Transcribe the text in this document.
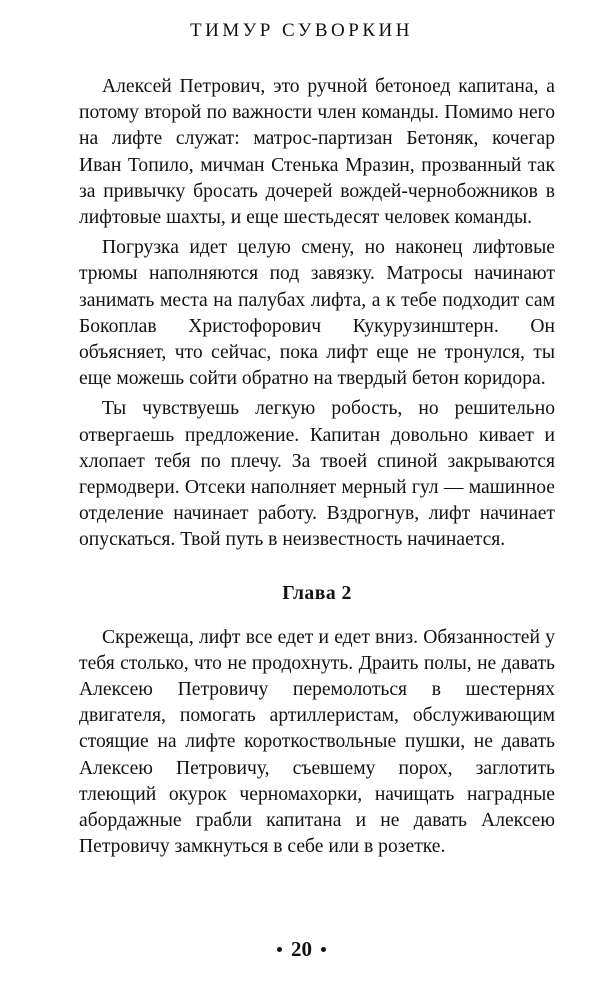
ТИМУР СУВОРКИН

Алексей Петрович, это ручной бетоноед капитана, а потому второй по важности член команды. Помимо него на лифте служат: матрос-партизан Бетоняк, кочегар Иван Топило, мичман Стенька Мразин, прозванный так за привычку бросать дочерей вождей-чернобожников в лифтовые шахты, и еще шестьдесят человек команды.

Погрузка идет целую смену, но наконец лифтовые трюмы наполняются под завязку. Матросы начинают занимать места на палубах лифта, а к тебе подходит сам Бокоплав Христофорович Кукурузинштерн. Он объясняет, что сейчас, пока лифт еще не тронулся, ты еще можешь сойти обратно на твердый бетон коридора.

Ты чувствуешь легкую робость, но решительно отвергаешь предложение. Капитан довольно кивает и хлопает тебя по плечу. За твоей спиной закрываются гермодвери. Отсеки наполняет мерный гул — машинное отделение начинает работу. Вздрогнув, лифт начинает опускаться. Твой путь в неизвестность начинается.

Глава 2

Скрежеща, лифт все едет и едет вниз. Обязанностей у тебя столько, что не продохнуть. Драить полы, не давать Алексею Петровичу перемолоться в шестернях двигателя, помогать артиллеристам, обслуживающим стоящие на лифте короткоствольные пушки, не давать Алексею Петровичу, съевшему порох, заглотить тлеющий окурок черномахорки, начищать наградные абордажные грабли капитана и не давать Алексею Петровичу замкнуться в себе или в розетке.

20
